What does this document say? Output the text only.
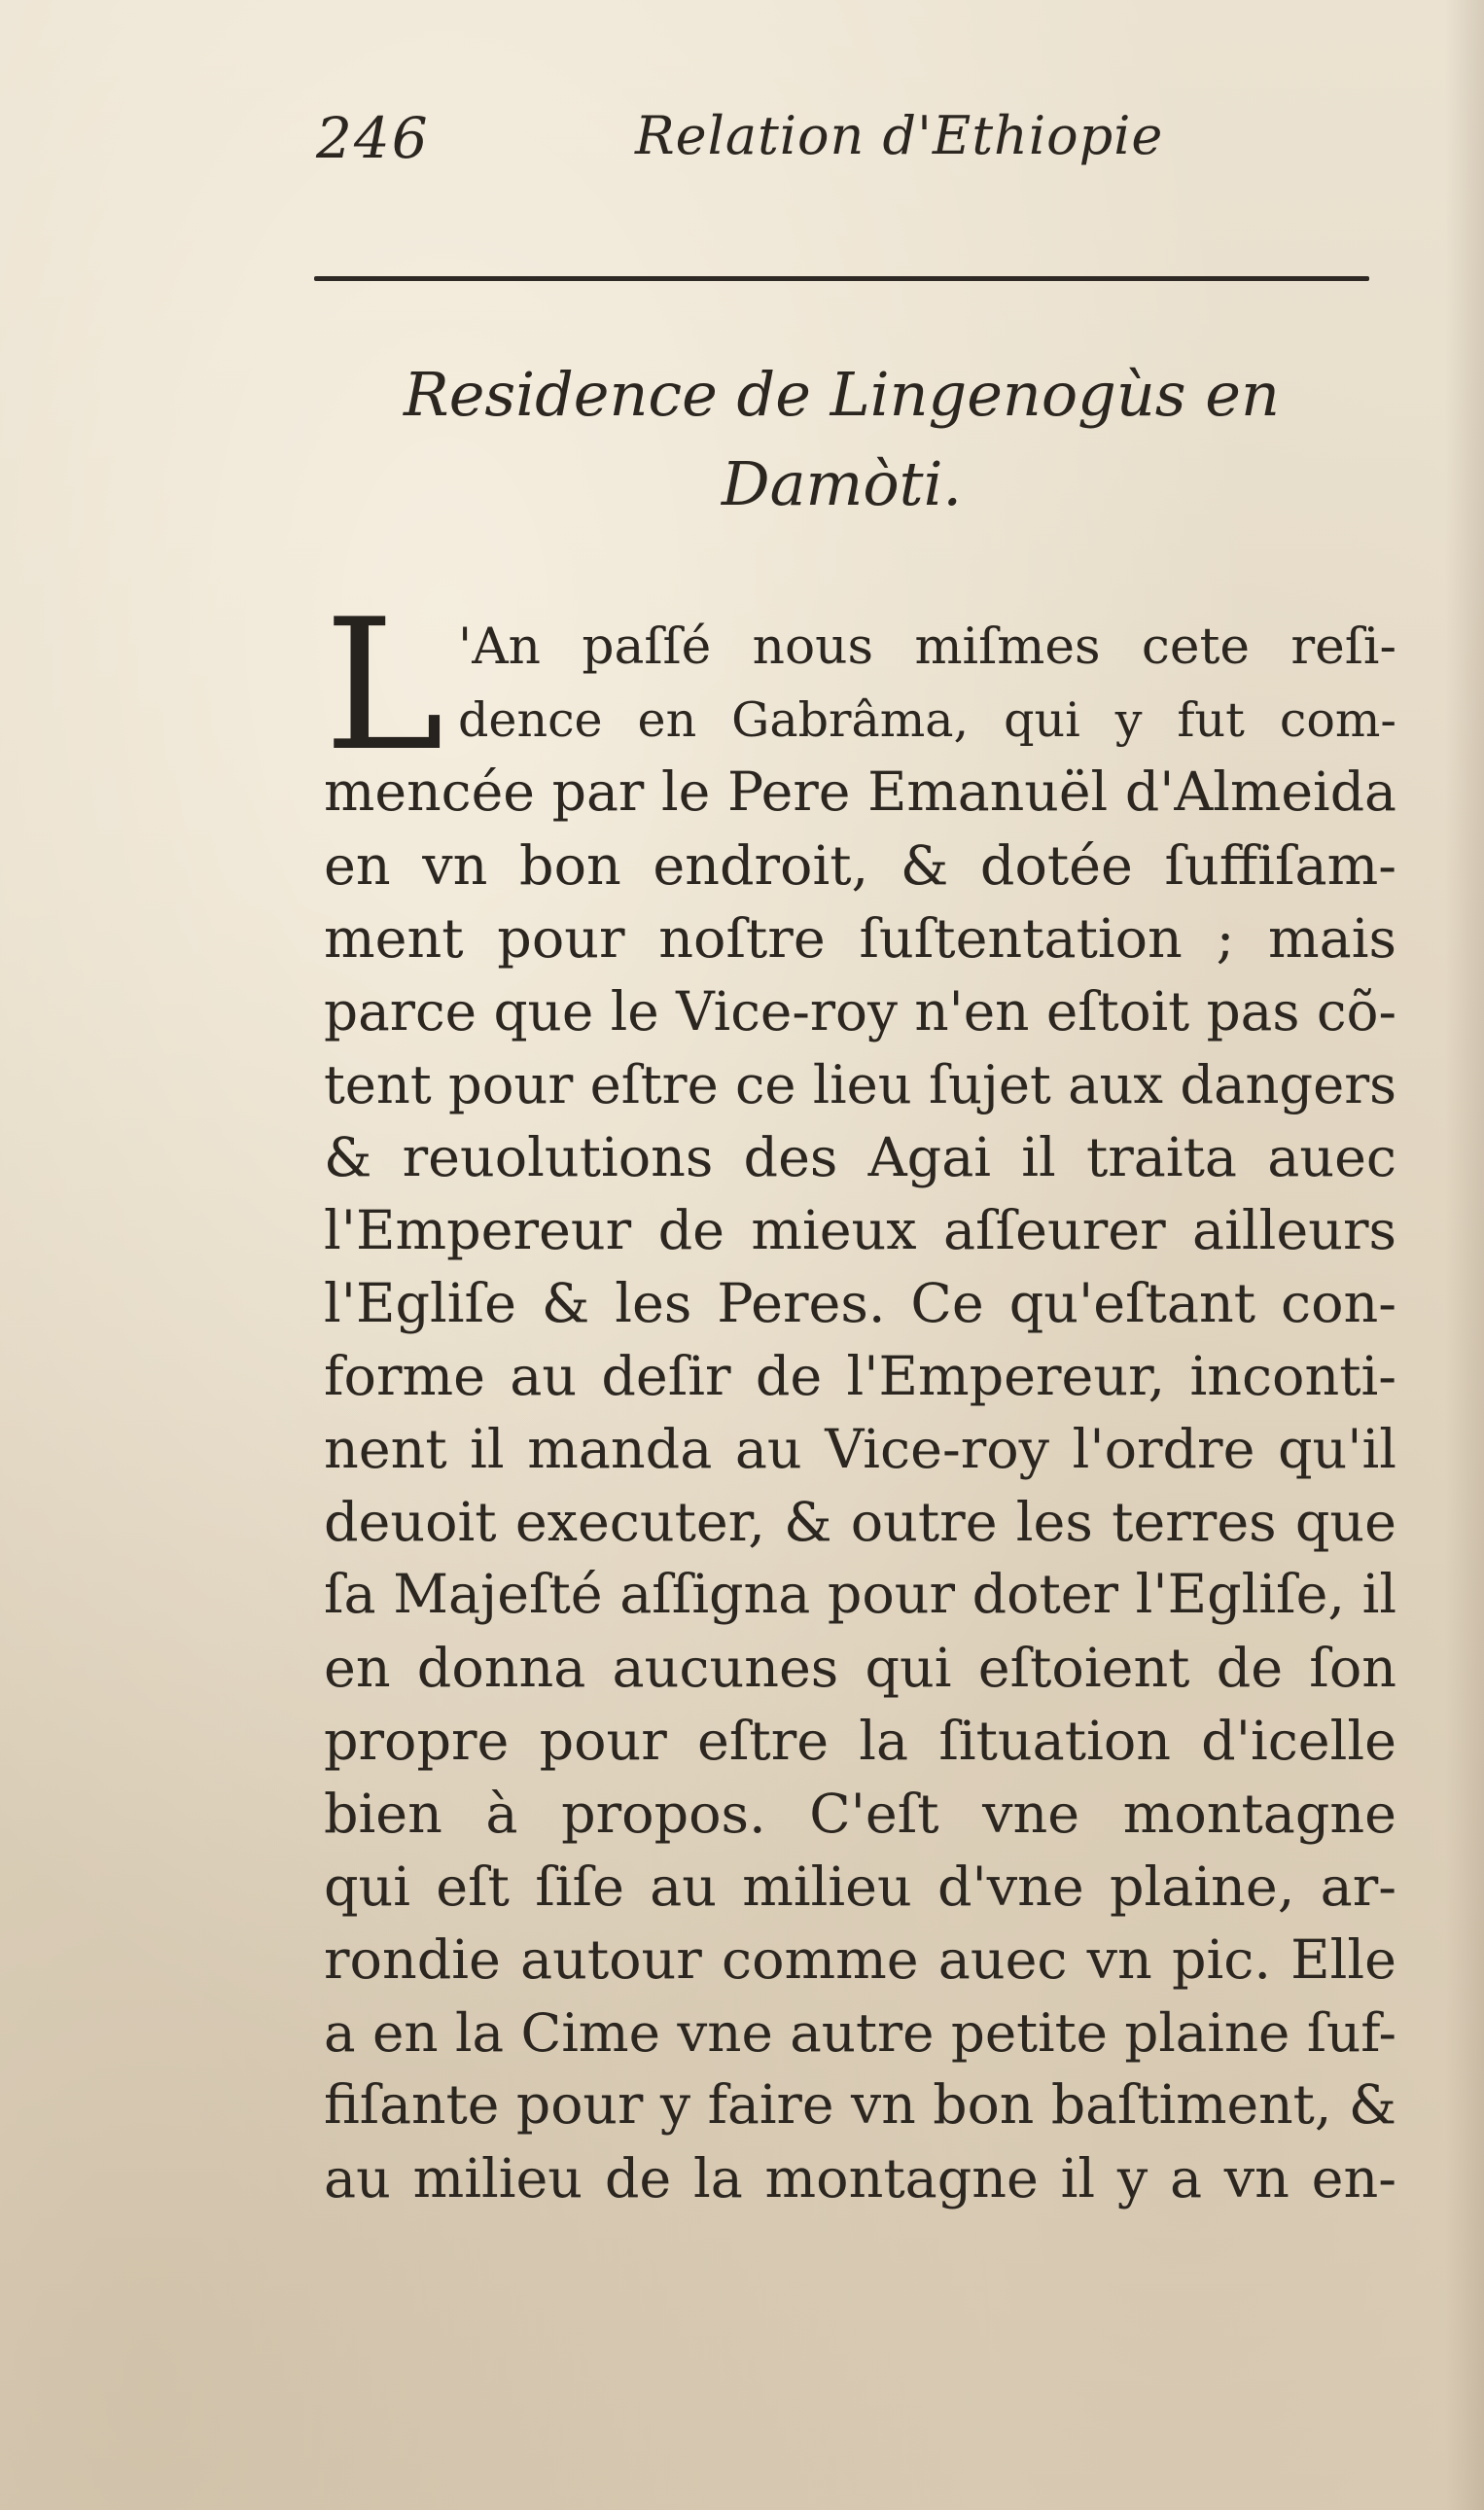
246	Relation d'Ethiopie
Residence de Lingenogùs en
Damòti.
L 'An paſſé nous miſmes cete reſi-
dence en Gabrâma, qui y fut com-
mencée par le Pere Emanuël d'Almeida
en vn bon endroit, & dotée ſuffiſam-
ment pour noſtre ſuſtentation ; mais
parce que le Vice-roy n'en eſtoit pas cõ-
tent pour eſtre ce lieu ſujet aux dangers
& reuolutions des Agai il traita auec
l'Empereur de mieux aſſeurer ailleurs
l'Egliſe & les Peres. Ce qu'eſtant con-
forme au deſir de l'Empereur, inconti-
nent il manda au Vice-roy l'ordre qu'il
deuoit executer, & outre les terres que
ſa Majeſté aſſigna pour doter l'Egliſe, il
en donna aucunes qui eſtoient de ſon
propre pour eſtre la ſituation d'icelle
bien à propos. C'eſt vne montagne
qui eſt ſiſe au milieu d'vne plaine, ar-
rondie autour comme auec vn pic. Elle
a en la Cime vne autre petite plaine ſuf-
fiſante pour y faire vn bon baſtiment, &
au milieu de la montagne il y a vn en-
